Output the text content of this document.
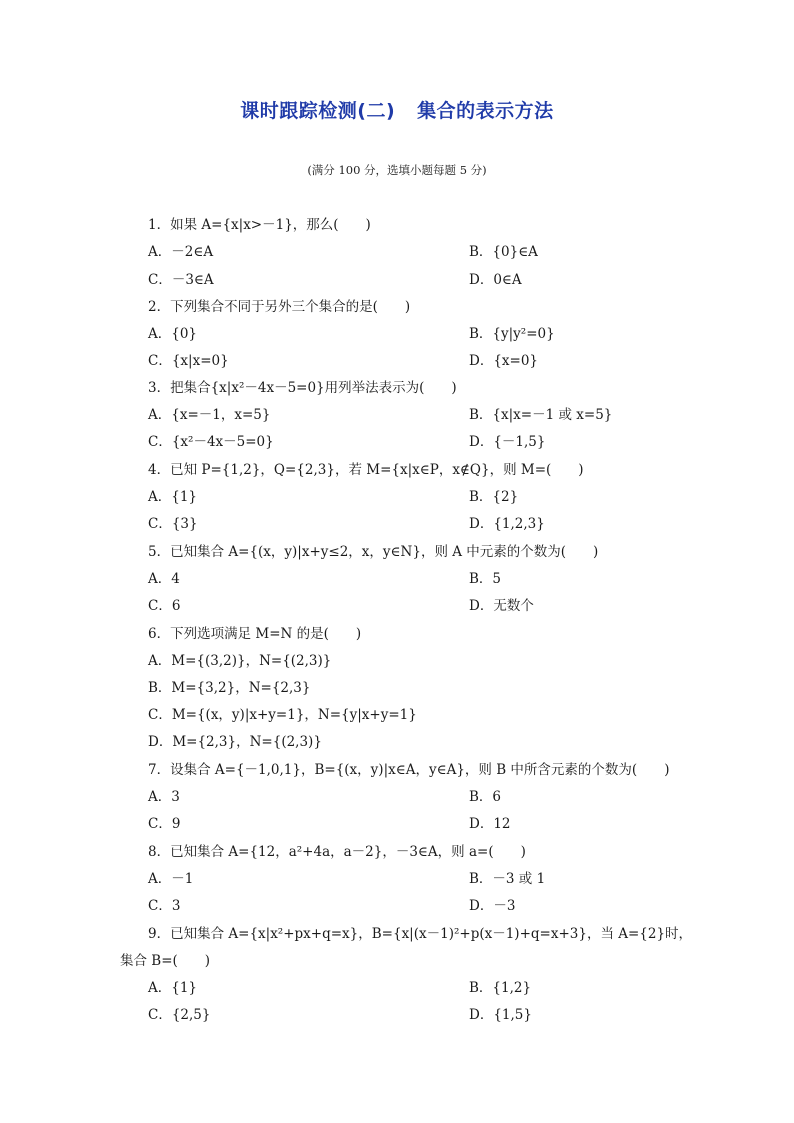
课时跟踪检测(二) 集合的表示方法
(满分 100 分，选填小题每题 5 分)
1．如果 A={x|x>－1}，那么(　　)
A．－2∈A	B．{0}∈A
C．－3∈A	D．0∈A
2．下列集合不同于另外三个集合的是(　　)
A．{0}	B．{y|y²=0}
C．{x|x=0}	D．{x=0}
3．把集合{x|x²－4x－5=0}用列举法表示为(　　)
A．{x=－1，x=5}	B．{x|x=－1 或 x=5}
C．{x²－4x－5=0}	D．{－1,5}
4．已知 P={1,2}，Q={2,3}，若 M={x|x∈P，x∉Q}，则 M=(　　)
A．{1}	B．{2}
C．{3}	D．{1,2,3}
5．已知集合 A={(x，y)|x+y≤2，x，y∈N}，则 A 中元素的个数为(　　)
A．4	B．5
C．6	D．无数个
6．下列选项满足 M=N 的是(　　)
A．M={(3,2)}，N={(2,3)}
B．M={3,2}，N={2,3}
C．M={(x，y)|x+y=1}，N={y|x+y=1}
D．M={2,3}，N={(2,3)}
7．设集合 A={－1,0,1}，B={(x，y)|x∈A，y∈A}，则 B 中所含元素的个数为(　　)
A．3	B．6
C．9	D．12
8．已知集合 A={12，a²+4a，a－2}，－3∈A，则 a=(　　)
A．－1	B．－3 或 1
C．3	D．－3
9．已知集合 A={x|x²+px+q=x}，B={x|(x－1)²+p(x－1)+q=x+3}，当 A={2}时，
集合 B=(　　)
A．{1}	B．{1,2}
C．{2,5}	D．{1,5}
